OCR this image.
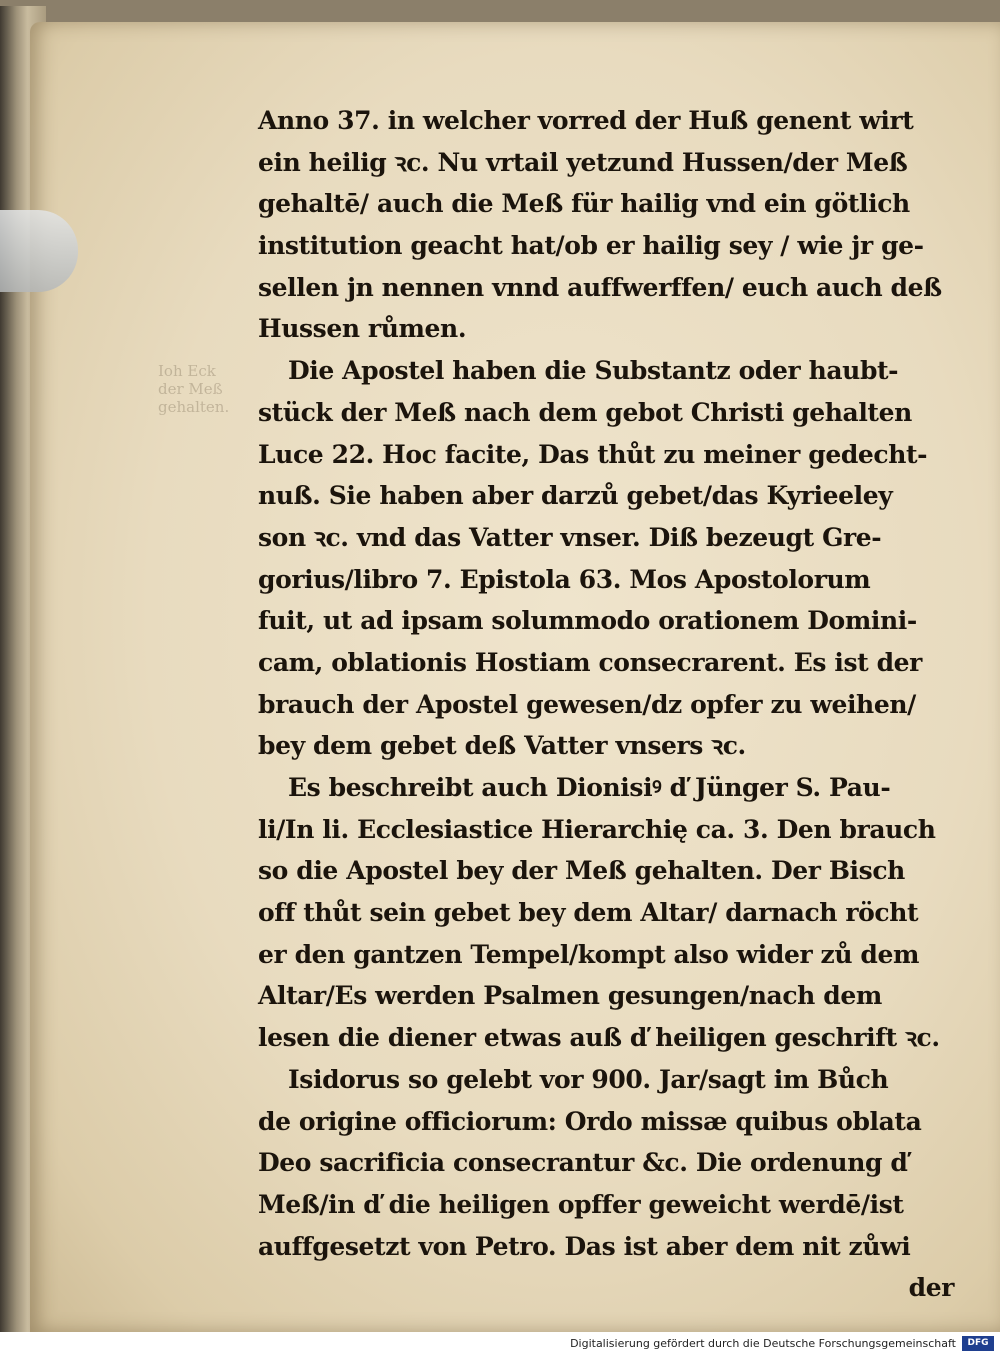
Ioh Eck
der Meß
gehalten.
Anno 37. in welcher vorred der Huß genent wirt
ein heilig ꝛc. Nu vrtail yetzund Hussen/der Meß
gehaltē/ auch die Meß für hailig vnd ein götlich
institution geacht hat/ob er hailig sey / wie jr ge-
sellen jn nennen vnnd auffwerffen/ euch auch deß
Hussen růmen.
Die Apostel haben die Substantz oder haubt-
stück der Meß nach dem gebot Christi gehalten
Luce 22. Hoc facite, Das thůt zu meiner gedecht-
nuß. Sie haben aber darzů gebet/das Kyrieeley
son ꝛc. vnd das Vatter vnser. Diß bezeugt Gre-
gorius/libro 7. Epistola 63. Mos Apostolorum
fuit, ut ad ipsam solummodo orationem Domini-
cam, oblationis Hostiam consecrarent. Es ist der
brauch der Apostel gewesen/dz opfer zu weihen/
bey dem gebet deß Vatter vnsers ꝛc.
Es beschreibt auch Dionisiꝰ ď Jünger S. Pau-
li/In li. Ecclesiastice Hierarchię ca. 3. Den brauch
so die Apostel bey der Meß gehalten. Der Bisch
off thůt sein gebet bey dem Altar/ darnach röcht
er den gantzen Tempel/kompt also wider zů dem
Altar/Es werden Psalmen gesungen/nach dem
lesen die diener etwas auß ď heiligen geschrift ꝛc.
Isidorus so gelebt vor 900. Jar/sagt im Bůch
de origine officiorum: Ordo missæ quibus oblata
Deo sacrificia consecrantur &c. Die ordenung ď
Meß/in ď die heiligen opffer geweicht werdē/ist
auffgesetzt von Petro. Das ist aber dem nit zůwi
der
Digitalisierung gefördert durch die Deutsche Forschungsgemeinschaft	DFG
